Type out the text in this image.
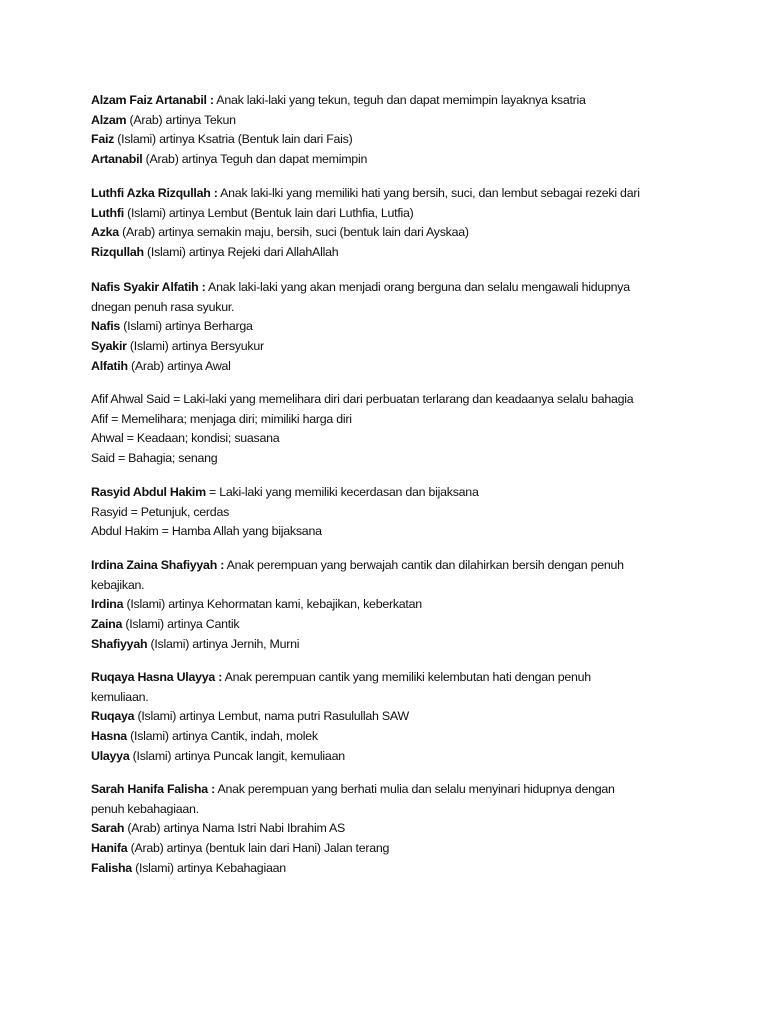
Alzam Faiz Artanabil : Anak laki-laki yang tekun, teguh dan dapat memimpin layaknya ksatria
Alzam (Arab) artinya Tekun
Faiz (Islami) artinya Ksatria (Bentuk lain dari Fais)
Artanabil (Arab) artinya Teguh dan dapat memimpin
Luthfi Azka Rizqullah : Anak laki-lki yang memiliki hati yang bersih, suci, dan lembut sebagai rezeki dari
Luthfi (Islami) artinya Lembut (Bentuk lain dari Luthfia, Lutfia)
Azka (Arab) artinya semakin maju, bersih, suci (bentuk lain dari Ayskaa)
Rizqullah (Islami) artinya Rejeki dari AllahAllah
Nafis Syakir Alfatih : Anak laki-laki yang akan menjadi orang berguna dan selalu mengawali hidupnya
dnegan penuh rasa syukur.
Nafis (Islami) artinya Berharga
Syakir (Islami) artinya Bersyukur
Alfatih (Arab) artinya Awal
Afif Ahwal Said = Laki-laki yang memelihara diri dari perbuatan terlarang dan keadaanya selalu bahagia
Afif = Memelihara; menjaga diri; mimiliki harga diri
Ahwal = Keadaan; kondisi; suasana
Said = Bahagia; senang
Rasyid Abdul Hakim = Laki-laki yang memiliki kecerdasan dan bijaksana
Rasyid = Petunjuk, cerdas
Abdul Hakim = Hamba Allah yang bijaksana
Irdina Zaina Shafiyyah : Anak perempuan yang berwajah cantik dan dilahirkan bersih dengan penuh
kebajikan.
Irdina (Islami) artinya Kehormatan kami, kebajikan, keberkatan
Zaina (Islami) artinya Cantik
Shafiyyah (Islami) artinya Jernih, Murni
Ruqaya Hasna Ulayya : Anak perempuan cantik yang memiliki kelembutan hati dengan penuh
kemuliaan.
Ruqaya (Islami) artinya Lembut, nama putri Rasulullah SAW
Hasna (Islami) artinya Cantik, indah, molek
Ulayya (Islami) artinya Puncak langit, kemuliaan
Sarah Hanifa Falisha : Anak perempuan yang berhati mulia dan selalu menyinari hidupnya dengan
penuh kebahagiaan.
Sarah (Arab) artinya Nama Istri Nabi Ibrahim AS
Hanifa (Arab) artinya (bentuk lain dari Hani) Jalan terang
Falisha (Islami) artinya Kebahagiaan
